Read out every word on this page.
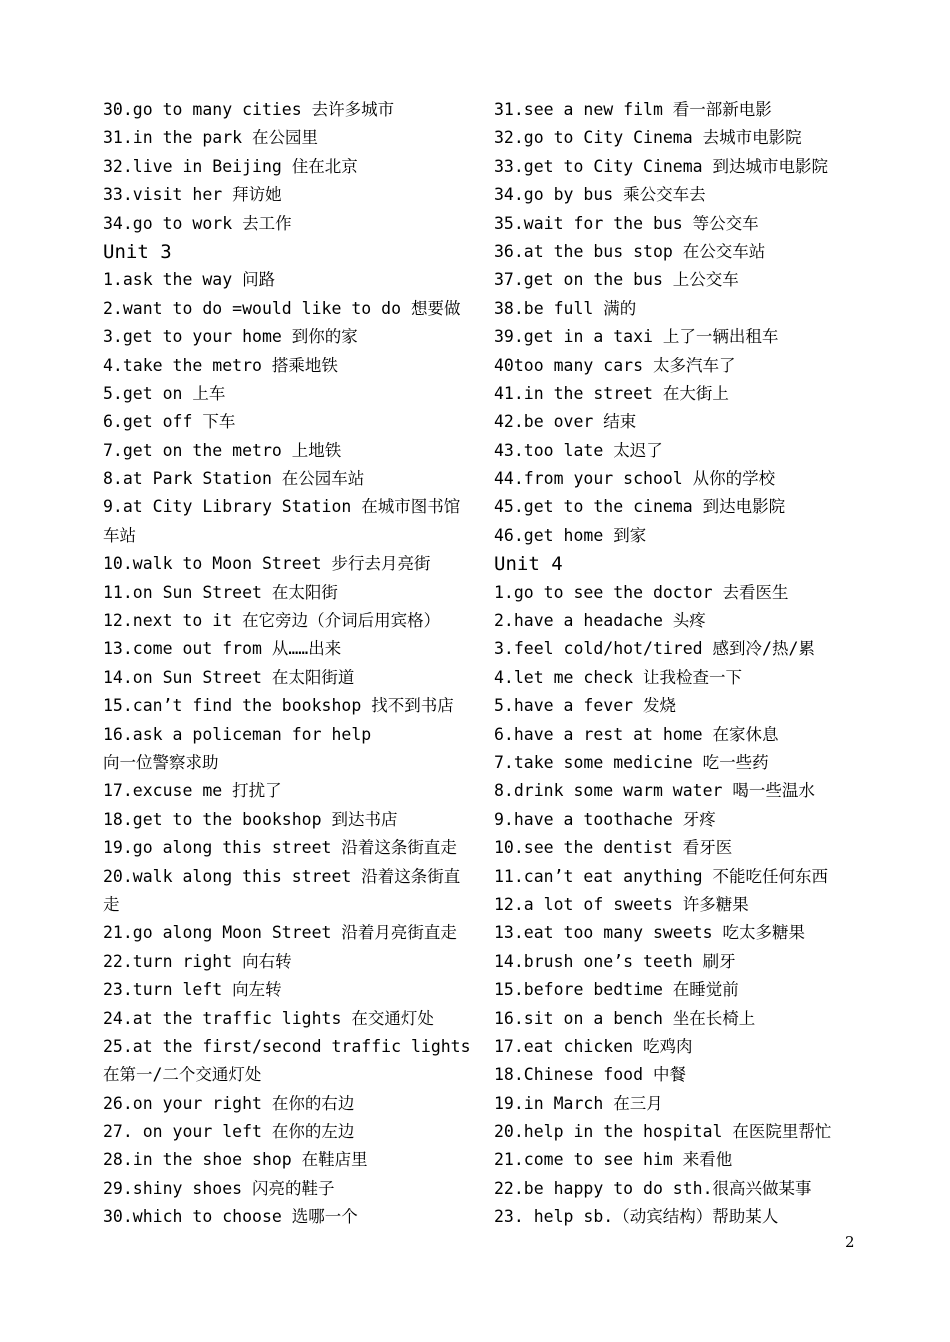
30.go to many cities 去许多城市
31.in the park 在公园里
32.live in Beijing 住在北京
33.visit her 拜访她
34.go to work 去工作
Unit 3
1.ask the way 问路
2.want to do =would like to do 想要做
3.get to your home 到你的家
4.take the metro 搭乘地铁
5.get on 上车
6.get off 下车
7.get on the metro 上地铁
8.at Park Station 在公园车站
9.at City Library Station 在城市图书馆
车站
10.walk to Moon Street 步行去月亮街
11.on Sun Street 在太阳街
12.next to it 在它旁边（介词后用宾格）
13.come out from 从……出来
14.on Sun Street 在太阳街道
15.can’t find the bookshop 找不到书店
16.ask a policeman for help
向一位警察求助
17.excuse me 打扰了
18.get to the bookshop 到达书店
19.go along this street 沿着这条街直走
20.walk along this street 沿着这条街直
走
21.go along Moon Street 沿着月亮街直走
22.turn right 向右转
23.turn left 向左转
24.at the traffic lights 在交通灯处
25.at the first/second traffic lights
在第一/二个交通灯处
26.on your right 在你的右边
27. on your left 在你的左边
28.in the shoe shop 在鞋店里
29.shiny shoes 闪亮的鞋子
30.which to choose 选哪一个
31.see a new film 看一部新电影
32.go to City Cinema 去城市电影院
33.get to City Cinema 到达城市电影院
34.go by bus 乘公交车去
35.wait for the bus 等公交车
36.at the bus stop 在公交车站
37.get on the bus 上公交车
38.be full 满的
39.get in a taxi 上了一辆出租车
40too many cars 太多汽车了
41.in the street 在大街上
42.be over 结束
43.too late 太迟了
44.from your school 从你的学校
45.get to the cinema 到达电影院
46.get home 到家
Unit 4
1.go to see the doctor 去看医生
2.have a headache 头疼
3.feel cold/hot/tired 感到冷/热/累
4.let me check 让我检查一下
5.have a fever 发烧
6.have a rest at home 在家休息
7.take some medicine 吃一些药
8.drink some warm water 喝一些温水
9.have a toothache 牙疼
10.see the dentist 看牙医
11.can’t eat anything 不能吃任何东西
12.a lot of sweets 许多糖果
13.eat too many sweets 吃太多糖果
14.brush one’s teeth 刷牙
15.before bedtime 在睡觉前
16.sit on a bench 坐在长椅上
17.eat chicken 吃鸡肉
18.Chinese food 中餐
19.in March 在三月
20.help in the hospital 在医院里帮忙
21.come to see him 来看他
22.be happy to do sth.很高兴做某事
23. help sb.（动宾结构）帮助某人
2
